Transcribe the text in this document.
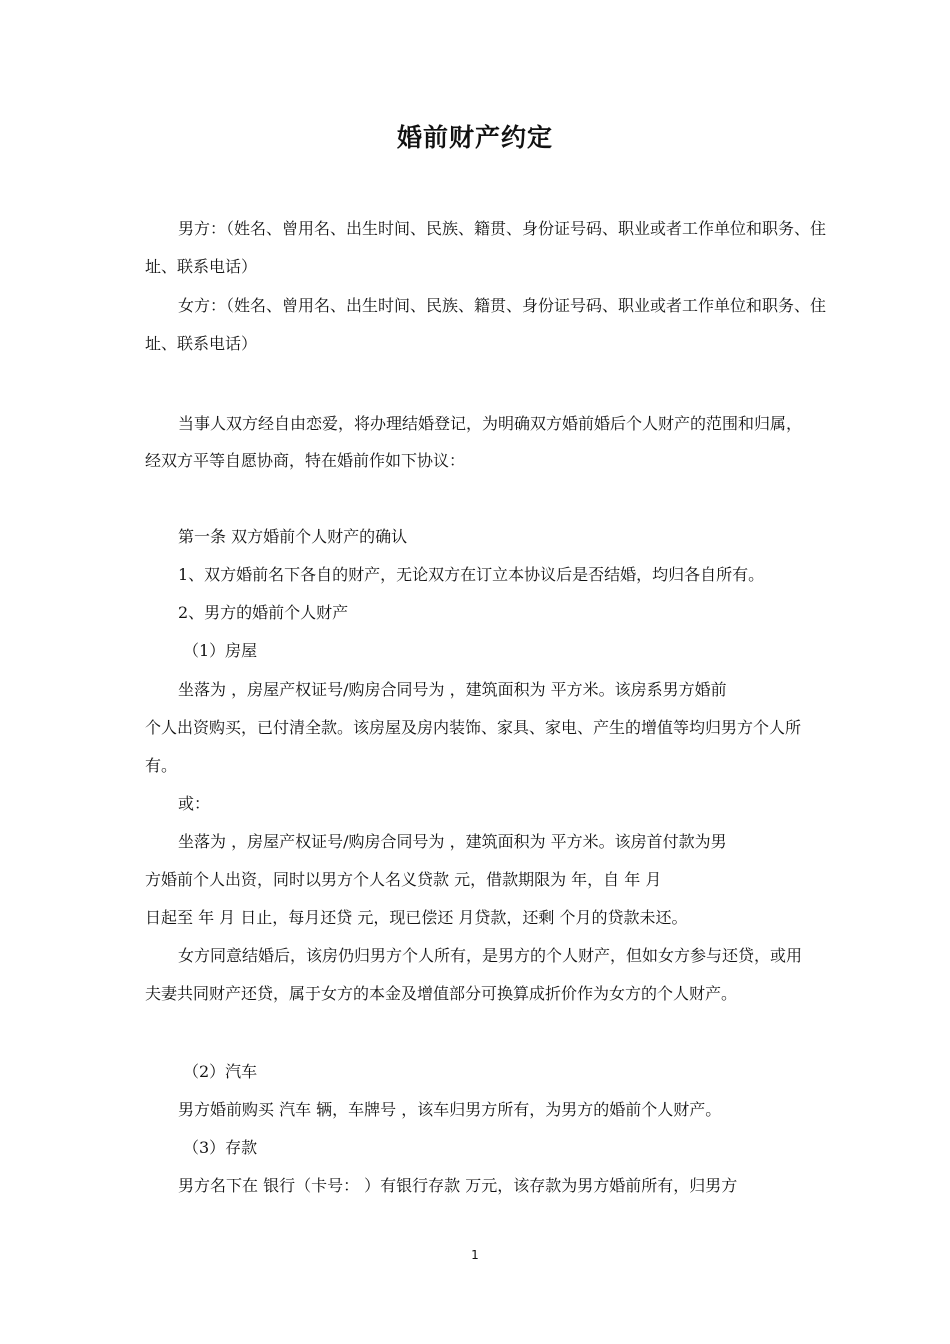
婚前财产约定

男方：（姓名、曾用名、出生时间、民族、籍贯、身份证号码、职业或者工作单位和职务、住

址、联系电话）

女方：（姓名、曾用名、出生时间、民族、籍贯、身份证号码、职业或者工作单位和职务、住

址、联系电话）

当事人双方经自由恋爱，将办理结婚登记，为明确双方婚前婚后个人财产的范围和归属，

经双方平等自愿协商，特在婚前作如下协议：

第一条 双方婚前个人财产的确认

1、双方婚前名下各自的财产，无论双方在订立本协议后是否结婚，均归各自所有。

2、男方的婚前个人财产

（1）房屋

坐落为 ，房屋产权证号/购房合同号为 ，建筑面积为 平方米。该房系男方婚前

个人出资购买，已付清全款。该房屋及房内装饰、家具、家电、产生的增值等均归男方个人所

有。

或：

坐落为 ，房屋产权证号/购房合同号为 ，建筑面积为 平方米。该房首付款为男

方婚前个人出资，同时以男方个人名义贷款 元，借款期限为 年，自 年 月

日起至 年 月 日止，每月还贷 元，现已偿还 月贷款，还剩 个月的贷款未还。

女方同意结婚后，该房仍归男方个人所有，是男方的个人财产，但如女方参与还贷，或用

夫妻共同财产还贷，属于女方的本金及增值部分可换算成折价作为女方的个人财产。

（2）汽车

男方婚前购买 汽车 辆，车牌号 ，该车归男方所有，为男方的婚前个人财产。

（3）存款

男方名下在 银行（卡号： ）有银行存款 万元，该存款为男方婚前所有，归男方

1
